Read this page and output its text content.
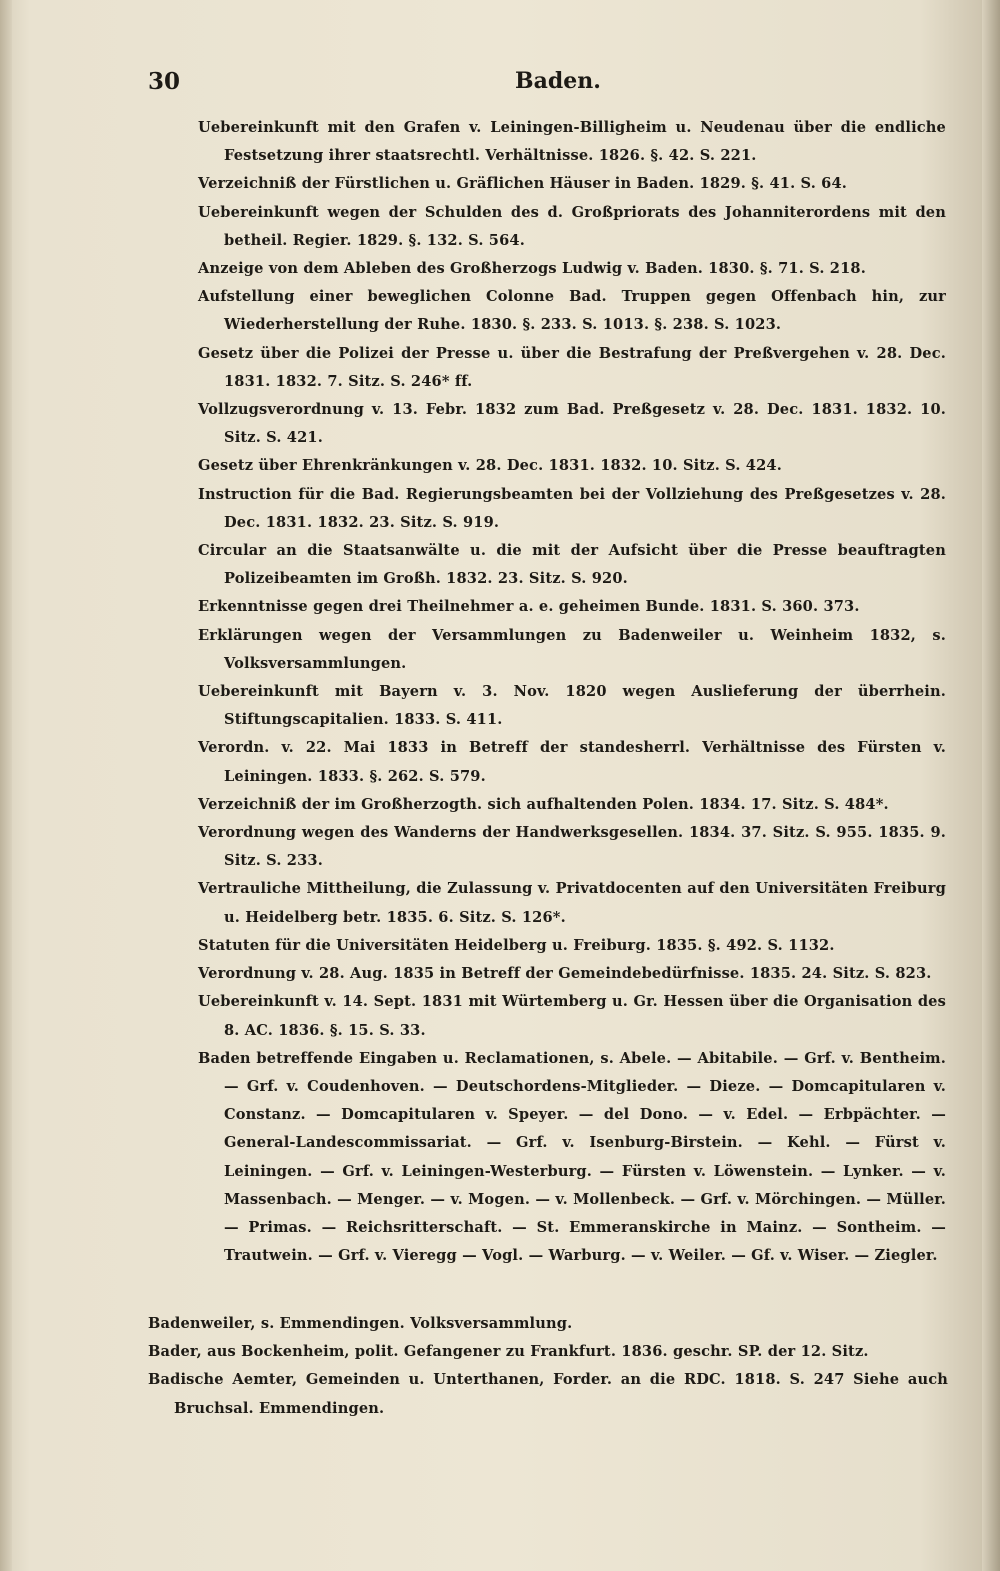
30	Baden.
Uebereinkunft mit den Grafen v. Leiningen-Billigheim u. Neudenau über die endliche Festsetzung ihrer staatsrechtl. Verhältnisse. 1826. §. 42. S. 221.
Verzeichniß der Fürstlichen u. Gräflichen Häuser in Baden. 1829. §. 41. S. 64.
Uebereinkunft wegen der Schulden des d. Großpriorats des Johanniterordens mit den betheil. Regier. 1829. §. 132. S. 564.
Anzeige von dem Ableben des Großherzogs Ludwig v. Baden. 1830. §. 71. S. 218.
Aufstellung einer beweglichen Colonne Bad. Truppen gegen Offenbach hin, zur Wiederherstellung der Ruhe. 1830. §. 233. S. 1013. §. 238. S. 1023.
Gesetz über die Polizei der Presse u. über die Bestrafung der Preßvergehen v. 28. Dec. 1831. 1832. 7. Sitz. S. 246* ff.
Vollzugsverordnung v. 13. Febr. 1832 zum Bad. Preßgesetz v. 28. Dec. 1831. 1832. 10. Sitz. S. 421.
Gesetz über Ehrenkränkungen v. 28. Dec. 1831. 1832. 10. Sitz. S. 424.
Instruction für die Bad. Regierungsbeamten bei der Vollziehung des Preßgesetzes v. 28. Dec. 1831. 1832. 23. Sitz. S. 919.
Circular an die Staatsanwälte u. die mit der Aufsicht über die Presse beauftragten Polizeibeamten im Großh. 1832. 23. Sitz. S. 920.
Erkenntnisse gegen drei Theilnehmer a. e. geheimen Bunde. 1831. S. 360. 373.
Erklärungen wegen der Versammlungen zu Badenweiler u. Weinheim 1832, s. Volksversammlungen.
Uebereinkunft mit Bayern v. 3. Nov. 1820 wegen Auslieferung der überrhein. Stiftungscapitalien. 1833. S. 411.
Verordn. v. 22. Mai 1833 in Betreff der standesherrl. Verhältnisse des Fürsten v. Leiningen. 1833. §. 262. S. 579.
Verzeichniß der im Großherzogth. sich aufhaltenden Polen. 1834. 17. Sitz. S. 484*.
Verordnung wegen des Wanderns der Handwerksgesellen. 1834. 37. Sitz. S. 955. 1835. 9. Sitz. S. 233.
Vertrauliche Mittheilung, die Zulassung v. Privatdocenten auf den Universitäten Freiburg u. Heidelberg betr. 1835. 6. Sitz. S. 126*.
Statuten für die Universitäten Heidelberg u. Freiburg. 1835. §. 492. S. 1132.
Verordnung v. 28. Aug. 1835 in Betreff der Gemeindebedürfnisse. 1835. 24. Sitz. S. 823.
Uebereinkunft v. 14. Sept. 1831 mit Würtemberg u. Gr. Hessen über die Organisation des 8. AC. 1836. §. 15. S. 33.
Baden betreffende Eingaben u. Reclamationen, s. Abele. — Abitabile. — Grf. v. Bentheim. — Grf. v. Coudenhoven. — Deutschordens-Mitglieder. — Dieze. — Domcapitularen v. Constanz. — Domcapitularen v. Speyer. — del Dono. — v. Edel. — Erbpächter. — General-Landescommissariat. — Grf. v. Isenburg-Birstein. — Kehl. — Fürst v. Leiningen. — Grf. v. Leiningen-Westerburg. — Fürsten v. Löwenstein. — Lynker. — v. Massenbach. — Menger. — v. Mogen. — v. Mollenbeck. — Grf. v. Mörchingen. — Müller. — Primas. — Reichsritterschaft. — St. Emmeranskirche in Mainz. — Sontheim. — Trautwein. — Grf. v. Vieregg — Vogl. — Warburg. — v. Weiler. — Gf. v. Wiser. — Ziegler.
Badenweiler, s. Emmendingen. Volksversammlung.
Bader, aus Bockenheim, polit. Gefangener zu Frankfurt. 1836. geschr. SP. der 12. Sitz.
Badische Aemter, Gemeinden u. Unterthanen, Forder. an die RDC. 1818. S. 247 Siehe auch Bruchsal. Emmendingen.
